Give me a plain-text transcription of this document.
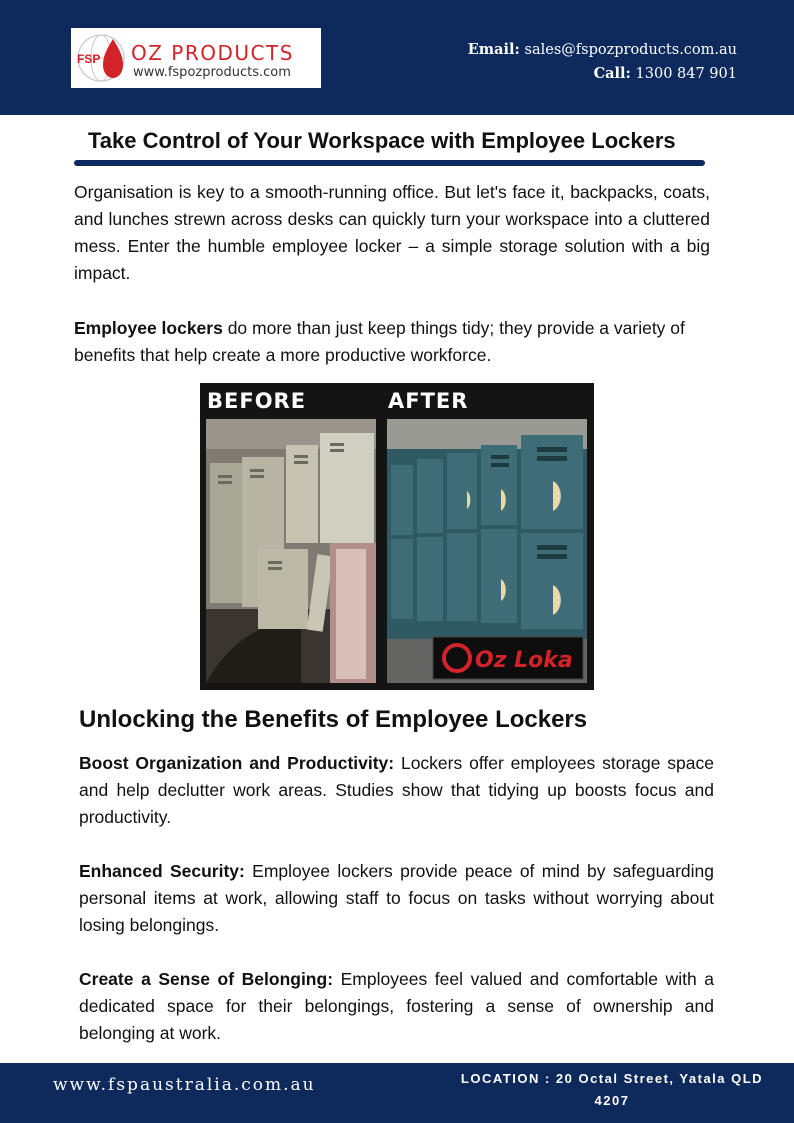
FSP OZ PRODUCTS
www.fspozproducts.com
Email: sales@fspozproducts.com.au
Call: 1300 847 901
Take Control of Your Workspace with Employee Lockers

Organisation is key to a smooth-running office. But let's face it, backpacks, coats, and lunches strewn across desks can quickly turn your workspace into a cluttered mess. Enter the humble employee locker – a simple storage solution with a big impact.

Employee lockers do more than just keep things tidy; they provide a variety of benefits that help create a more productive workforce.

BEFORE	AFTER
Oz Loka
Unlocking the Benefits of Employee Lockers

Boost Organization and Productivity: Lockers offer employees storage space and help declutter work areas. Studies show that tidying up boosts focus and productivity.

Enhanced Security: Employee lockers provide peace of mind by safeguarding personal items at work, allowing staff to focus on tasks without worrying about losing belongings.

Create a Sense of Belonging: Employees feel valued and comfortable with a dedicated space for their belongings, fostering a sense of ownership and belonging at work.

www.fspaustralia.com.au	LOCATION : 20 Octal Street, Yatala QLD
4207
